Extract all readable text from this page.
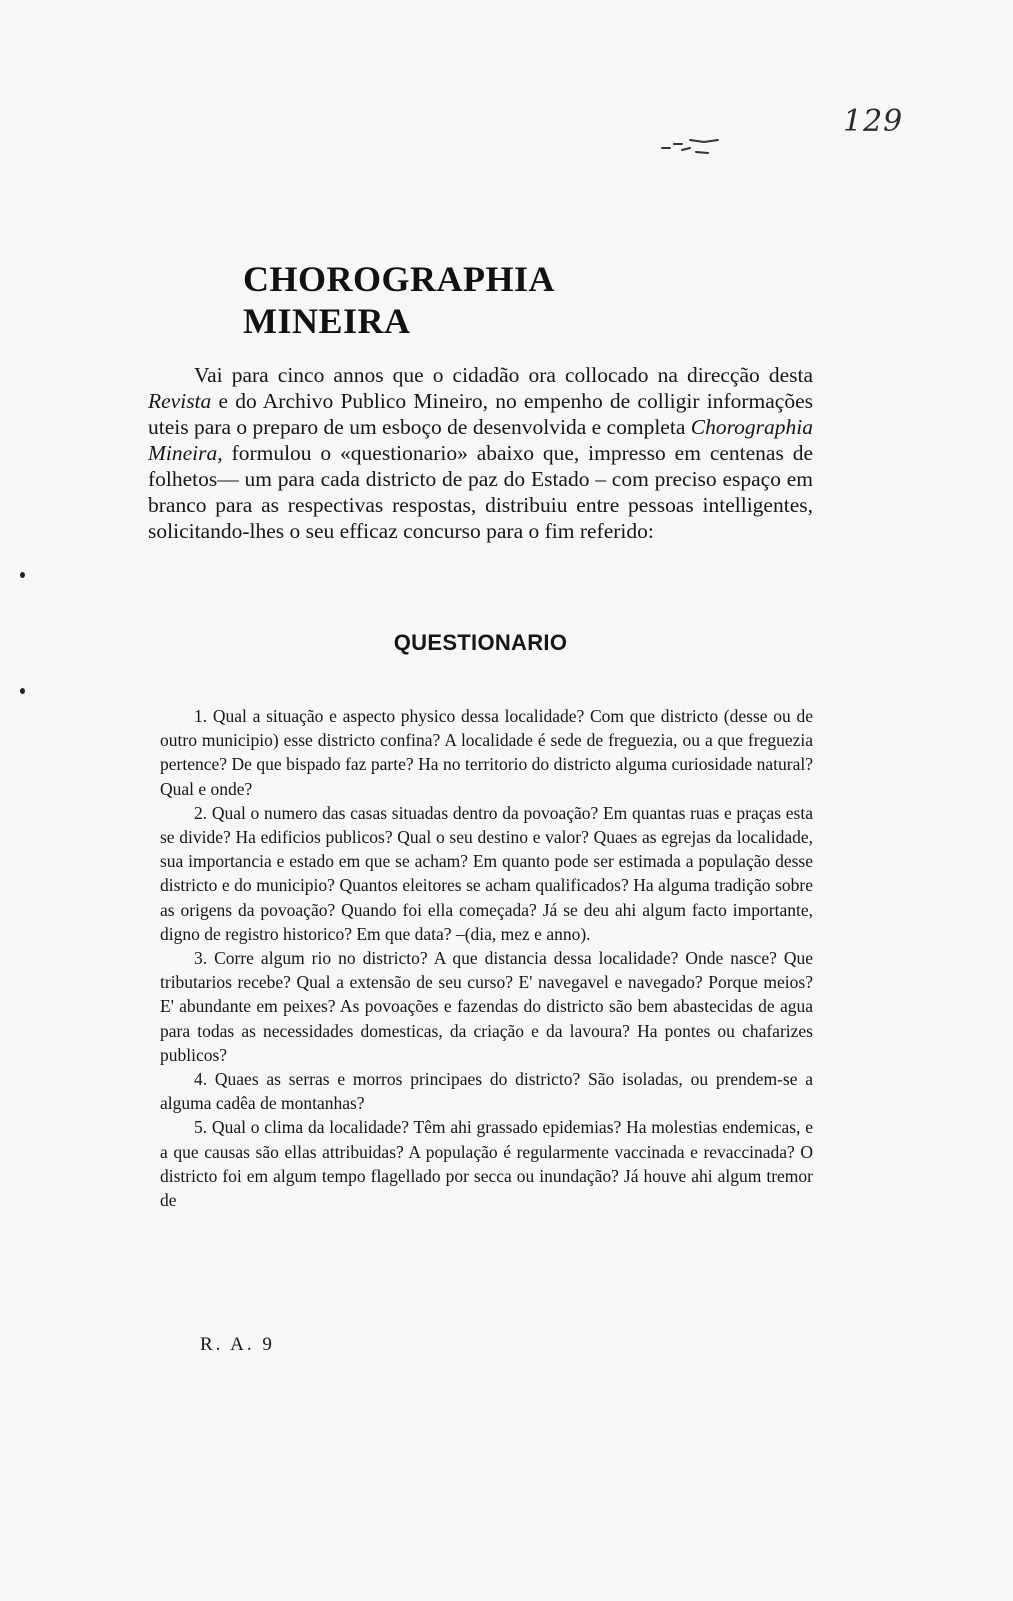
129
CHOROGRAPHIA MINEIRA

Vai para cinco annos que o cidadão ora collocado na direcção desta Revista e do Archivo Publico Mineiro, no empenho de colligir informações uteis para o preparo de um esboço de desenvolvida e completa Chorographia Mineira, formulou o «questionario» abaixo que, impresso em centenas de folhetos— um para cada districto de paz do Estado – com preciso espaço em branco para as respectivas respostas, distribuiu entre pessoas intelligentes, solicitando-lhes o seu efficaz concurso para o fim referido:

QUESTIONARIO

1. Qual a situação e aspecto physico dessa localidade? Com que districto (desse ou de outro municipio) esse districto confina? A localidade é sede de freguezia, ou a que freguezia pertence? De que bispado faz parte? Ha no territorio do districto alguma curiosidade natural? Qual e onde?

2. Qual o numero das casas situadas dentro da povoação? Em quantas ruas e praças esta se divide? Ha edificios publicos? Qual o seu destino e valor? Quaes as egrejas da localidade, sua importancia e estado em que se acham? Em quanto pode ser estimada a população desse districto e do municipio? Quantos eleitores se acham qualificados? Ha alguma tradição sobre as origens da povoação? Quando foi ella começada? Já se deu ahi algum facto importante, digno de registro historico? Em que data? –(dia, mez e anno).

3. Corre algum rio no districto? A que distancia dessa localidade? Onde nasce? Que tributarios recebe? Qual a extensão de seu curso? E' navegavel e navegado? Porque meios? E' abundante em peixes? As povoações e fazendas do districto são bem abastecidas de agua para todas as necessidades domesticas, da criação e da lavoura? Ha pontes ou chafarizes publicos?

4. Quaes as serras e morros principaes do districto? São isoladas, ou prendem-se a alguma cadêa de montanhas?

5. Qual o clima da localidade? Têm ahi grassado epidemias? Ha molestias endemicas, e a que causas são ellas attribuidas? A população é regularmente vaccinada e revaccinada? O districto foi em algum tempo flagellado por secca ou inundação? Já houve ahi algum tremor de

R. A. 9
